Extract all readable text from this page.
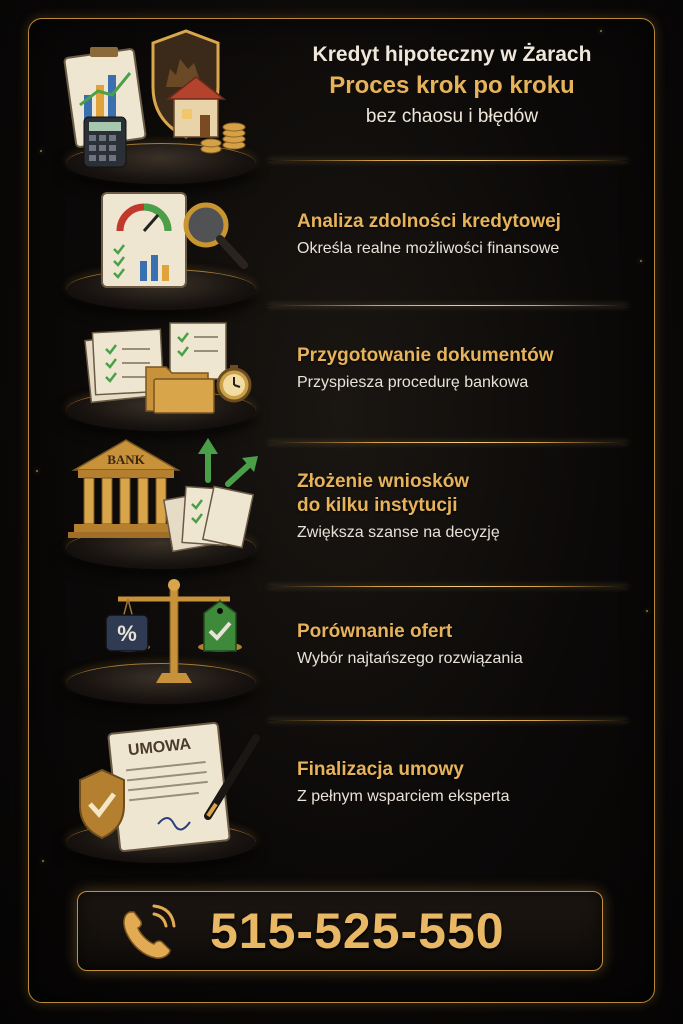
Kredyt hipoteczny w Żarach
Proces krok po kroku
bez chaosu i błędów
Analiza zdolności kredytowej
Określa realne możliwości finansowe
Przygotowanie dokumentów
Przyspiesza procedurę bankowa
BANK
Złożenie wniosków
do kilku instytucji
Zwiększa szanse na decyzję
%	Porównanie ofert
Wybór najtańszego rozwiązania
UMOWA
Finalizacja umowy
Z pełnym wsparciem eksperta
515-525-550
